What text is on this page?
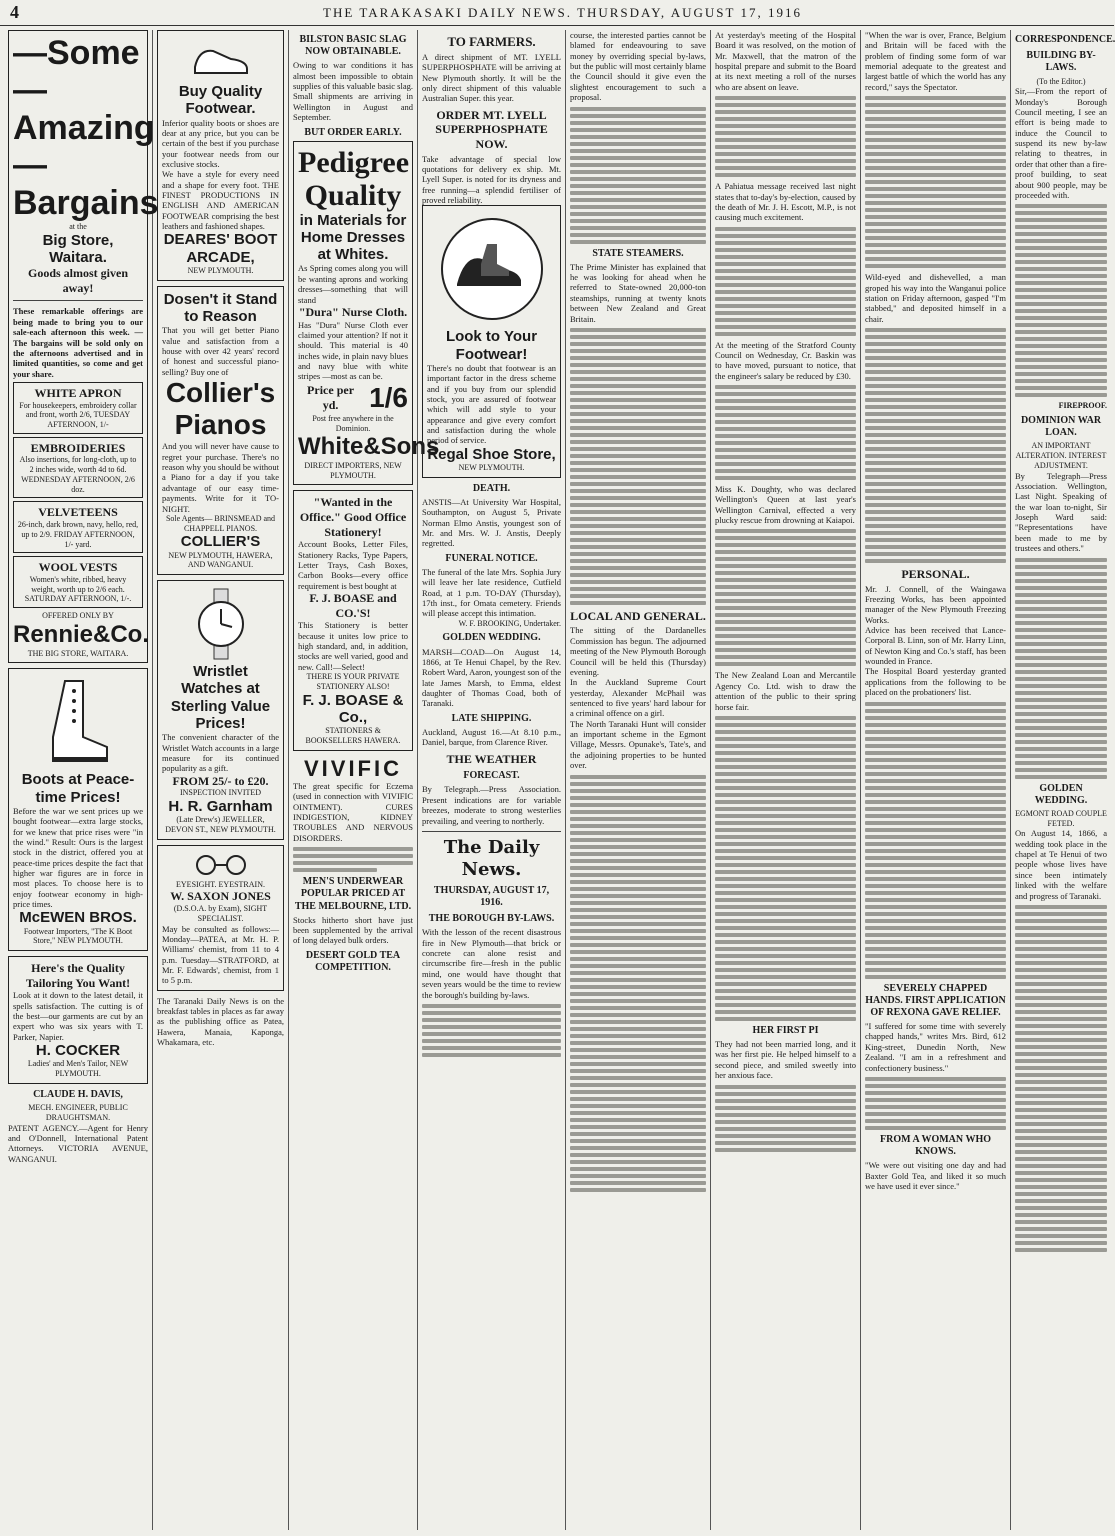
4	THE TARAKASAKI DAILY NEWS. THURSDAY, AUGUST 17, 1916
—Some
—Amazing
—Bargains
at the
Big Store, Waitara.
Goods almost given away!
These remarkable offerings are being made to bring you to our sale-each afternoon this week. — The bargains will be sold only on the afternoons advertised and in limited quantities, so come and get your share.
WHITE APRON
For housekeepers, embroidery collar and front, worth 2/6, TUESDAY AFTERNOON, 1/-
EMBROIDERIES
Also insertions, for long-cloth, up to 2 inches wide, worth 4d to 6d. WEDNESDAY AFTERNOON, 2/6 doz.
VELVETEENS
26-inch, dark brown, navy, hello, red, up to 2/9. FRIDAY AFTERNOON, 1/- yard.
WOOL VESTS
Women's white, ribbed, heavy weight, worth up to 2/6 each. SATURDAY AFTERNOON, 1/-.
OFFERED ONLY BY
Rennie&Co.
THE BIG STORE, WAITARA.
Boots at Peace-time Prices!
Before the war we sent prices up we bought footwear—extra large stocks, for we knew that price rises were "in the wind." Result: Ours is the largest stock in the district, offered you at peace-time prices despite the fact that higher war figures are in force in most places. To choose here is to enjoy footwear economy in high-price times.
McEWEN BROS.
Footwear Importers, "The K Boot Store," NEW PLYMOUTH.
Here's the Quality Tailoring You Want!
Look at it down to the latest detail, it spells satisfaction. The cutting is of the best—our garments are cut by an expert who was six years with T. Parker, Napier.
H. COCKER
Ladies' and Men's Tailor, NEW PLYMOUTH.
CLAUDE H. DAVIS,
MECH. ENGINEER, PUBLIC DRAUGHTSMAN.
PATENT AGENCY.—Agent for Henry and O'Donnell, International Patent Attorneys. VICTORIA AVENUE, WANGANUI.
Buy Quality Footwear.
Inferior quality boots or shoes are dear at any price, but you can be certain of the best if you purchase your footwear needs from our exclusive stocks.
We have a style for every need and a shape for every foot. THE FINEST PRODUCTIONS IN ENGLISH AND AMERICAN FOOTWEAR comprising the best leathers and fashioned shapes.
DEARES' BOOT ARCADE,
NEW PLYMOUTH.
Dosen't it Stand to Reason
That you will get better Piano value and satisfaction from a house with over 42 years' record of honest and successful piano-selling? Buy one of
Collier's Pianos
And you will never have cause to regret your purchase. There's no reason why you should be without a Piano for a day if you take advantage of our easy time-payments. Write for it TO-NIGHT.
Sole Agents— BRINSMEAD and CHAPPELL PIANOS.
COLLIER'S
NEW PLYMOUTH, HAWERA, AND WANGANUI.
Wristlet Watches at Sterling Value Prices!
The convenient character of the Wristlet Watch accounts in a large measure for its continued popularity as a gift.
FROM 25/- to £20.
INSPECTION INVITED
H. R. Garnham
(Late Drew's) JEWELLER, DEVON ST., NEW PLYMOUTH.
EYESIGHT. EYESTRAIN.
W. SAXON JONES
(D.S.O.A. by Exam), SIGHT SPECIALIST.
May be consulted as follows:— Monday—PATEA, at Mr. H. P. Williams' chemist, from 11 to 4 p.m. Tuesday—STRATFORD, at Mr. F. Edwards', chemist, from 1 to 5 p.m.
The Taranaki Daily News is on the breakfast tables in places as far away as the publishing office as Patea, Hawera, Manaia, Kaponga, Whakamara, etc.
BILSTON BASIC SLAG NOW OBTAINABLE.
Owing to war conditions it has almost been impossible to obtain supplies of this valuable basic slag. Small shipments are arriving in Wellington in August and September.
BUT ORDER EARLY.
Pedigree Quality
in Materials for Home Dresses at Whites.
As Spring comes along you will be wanting aprons and working dresses—something that will stand
"Dura" Nurse Cloth.
Has "Dura" Nurse Cloth ever claimed your attention? If not it should. This material is 40 inches wide, in plain navy blues and navy blue with white stripes —most as can be.
Price per yd.	1/6
Post free anywhere in the Dominion.
White&Sons
DIRECT IMPORTERS, NEW PLYMOUTH.
"Wanted in the Office." Good Office Stationery!
Account Books, Letter Files, Stationery Racks, Type Papers, Letter Trays, Cash Boxes, Carbon Books—every office requirement is best bought at
F. J. BOASE and CO.'S!
This Stationery is better because it unites low price to high standard, and, in addition, stocks are well varied, good and new. Call!—Select!
THERE IS YOUR PRIVATE STATIONERY ALSO!
F. J. BOASE & Co.,
STATIONERS & BOOKSELLERS HAWERA.
VIVIFIC
The great specific for Eczema (used in connection with VIVIFIC OINTMENT). CURES INDIGESTION, KIDNEY TROUBLES AND NERVOUS DISORDERS.
MEN'S UNDERWEAR POPULAR PRICED AT THE MELBOURNE, LTD.
Stocks hitherto short have just been supplemented by the arrival of long delayed bulk orders.
DESERT GOLD TEA COMPETITION.
TO FARMERS.
A direct shipment of MT. LYELL SUPERPHOSPHATE will be arriving at New Plymouth shortly. It will be the only direct shipment of this valuable Australian Super. this year.
ORDER MT. LYELL SUPERPHOSPHATE NOW.
Take advantage of special low quotations for delivery ex ship. Mt. Lyell Super. is noted for its dryness and free running—a splendid fertiliser of proved reliability.
Look to Your Footwear!
There's no doubt that footwear is an important factor in the dress scheme and if you buy from our splendid stock, you are assured of footwear which will add style to your appearance and give every comfort and satisfaction during the whole period of service.
Regal Shoe Store,
NEW PLYMOUTH.
DEATH.
ANSTIS—At University War Hospital, Southampton, on August 5, Private Norman Elmo Anstis, youngest son of Mr. and Mrs. W. J. Anstis, Deeply regretted.
FUNERAL NOTICE.
The funeral of the late Mrs. Sophia Jury will leave her late residence, Cutfield Road, at 1 p.m. TO-DAY (Thursday), 17th inst., for Omata cemetery. Friends will please accept this intimation.
W. F. BROOKING, Undertaker.
GOLDEN WEDDING.
MARSH—COAD—On August 14, 1866, at Te Henui Chapel, by the Rev. Robert Ward, Aaron, youngest son of the late James Marsh, to Emma, eldest daughter of Thomas Coad, both of Taranaki.
LATE SHIPPING.
Auckland, August 16.—At 8.10 p.m., Daniel, barque, from Clarence River.
THE WEATHER
FORECAST.
By Telegraph.—Press Association. Present indications are for variable breezes, moderate to strong westerlies prevailing, and veering to northerly.
The Daily News.
THURSDAY, AUGUST 17, 1916.
THE BOROUGH BY-LAWS.
With the lesson of the recent disastrous fire in New Plymouth—that brick or concrete can alone resist and circumscribe fire—fresh in the public mind, one would have thought that seven years would be the time to review the borough's building by-laws.
course, the interested parties cannot be blamed for endeavouring to save money by overriding special by-laws, but the public will most certainly blame the Council should it give even the slightest encouragement to such a proposal.
STATE STEAMERS.
The Prime Minister has explained that he was looking for ahead when he referred to State-owned 20,000-ton steamships, running at twenty knots between New Zealand and Great Britain.
LOCAL AND GENERAL.
The sitting of the Dardanelles Commission has begun. The adjourned meeting of the New Plymouth Borough Council will be held this (Thursday) evening.
In the Auckland Supreme Court yesterday, Alexander McPhail was sentenced to five years' hard labour for a criminal offence on a girl.
The North Taranaki Hunt will consider an important scheme in the Egmont Village, Messrs. Opunake's, Tate's, and the adjoining properties to be hunted over.
At yesterday's meeting of the Hospital Board it was resolved, on the motion of Mr. Maxwell, that the matron of the hospital prepare and submit to the Board at its next meeting a roll of the nurses who are absent on leave.
A Pahiatua message received last night states that to-day's by-election, caused by the death of Mr. J. H. Escott, M.P., is not causing much excitement.
At the meeting of the Stratford County Council on Wednesday, Cr. Baskin was to have moved, pursuant to notice, that the engineer's salary be reduced by £30.
Miss K. Doughty, who was declared Wellington's Queen at last year's Wellington Carnival, effected a very plucky rescue from drowning at Kaiapoi.
The New Zealand Loan and Mercantile Agency Co. Ltd. wish to draw the attention of the public to their spring horse fair.
HER FIRST PI
They had not been married long, and it was her first pie. He helped himself to a second piece, and smiled sweetly into her anxious face.
"When the war is over, France, Belgium and Britain will be faced with the problem of finding some form of war memorial adequate to the greatest and largest battle of which the world has any record," says the Spectator.
Wild-eyed and dishevelled, a man groped his way into the Wanganui police station on Friday afternoon, gasped "I'm stabbed," and deposited himself in a chair.
PERSONAL.
Mr. J. Connell, of the Waingawa Freezing Works, has been appointed manager of the New Plymouth Freezing Works.
Advice has been received that Lance-Corporal B. Linn, son of Mr. Harry Linn, of Newton King and Co.'s staff, has been wounded in France.
The Hospital Board yesterday granted applications from the following to be placed on the probationers' list.
SEVERELY CHAPPED HANDS. FIRST APPLICATION OF REXONA GAVE RELIEF.
"I suffered for some time with severely chapped hands," writes Mrs. Bird, 612 King-street, Dunedin North, New Zealand. "I am in a refreshment and confectionery business."
FROM A WOMAN WHO KNOWS.
"We were out visiting one day and had Baxter Gold Tea, and liked it so much we have used it ever since."
CORRESPONDENCE.
BUILDING BY-LAWS.
(To the Editor.)
Sir,—From the report of Monday's Borough Council meeting, I see an effort is being made to induce the Council to suspend its new by-law relating to theatres, in order that other than a fire-proof building, to seat about 900 people, may be proceeded with.
FIREPROOF.
DOMINION WAR LOAN.
AN IMPORTANT ALTERATION. INTEREST ADJUSTMENT.
By Telegraph—Press Association. Wellington, Last Night. Speaking of the war loan to-night, Sir Joseph Ward said: "Representations have been made to me by trustees and others."
GOLDEN WEDDING.
EGMONT ROAD COUPLE FETED.
On August 14, 1866, a wedding took place in the chapel at Te Henui of two people whose lives have since been intimately linked with the welfare and progress of Taranaki.
